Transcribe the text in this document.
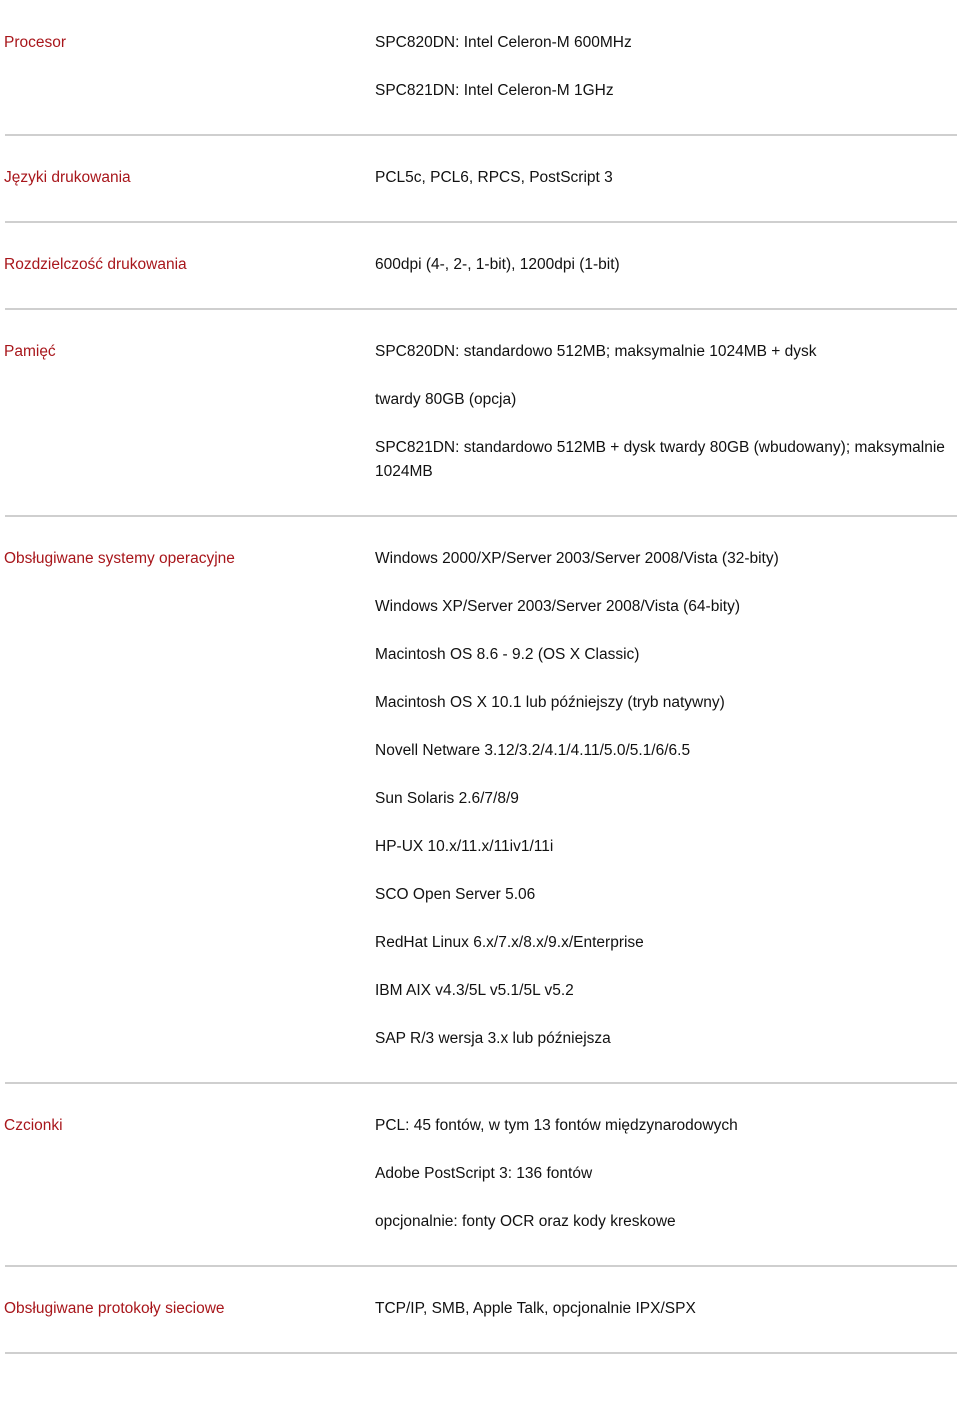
Procesor	SPC820DN: Intel Celeron-M 600MHz
SPC821DN: Intel Celeron-M 1GHz
Języki drukowania	PCL5c, PCL6, RPCS, PostScript 3
Rozdzielczość drukowania	600dpi (4-, 2-, 1-bit), 1200dpi (1-bit)
Pamięć	SPC820DN: standardowo 512MB; maksymalnie 1024MB + dysk
twardy 80GB (opcja)
SPC821DN: standardowo 512MB + dysk twardy 80GB (wbudowany); maksymalnie 1024MB
Obsługiwane systemy operacyjne	Windows 2000/XP/Server 2003/Server 2008/Vista (32-bity)
Windows XP/Server 2003/Server 2008/Vista (64-bity)
Macintosh OS 8.6 - 9.2 (OS X Classic)
Macintosh OS X 10.1 lub późniejszy (tryb natywny)
Novell Netware 3.12/3.2/4.1/4.11/5.0/5.1/6/6.5
Sun Solaris 2.6/7/8/9
HP-UX 10.x/11.x/11iv1/11i
SCO Open Server 5.06
RedHat Linux 6.x/7.x/8.x/9.x/Enterprise
IBM AIX v4.3/5L v5.1/5L v5.2
SAP R/3 wersja 3.x lub późniejsza
Czcionki	PCL: 45 fontów, w tym 13 fontów międzynarodowych
Adobe PostScript 3: 136 fontów
opcjonalnie: fonty OCR oraz kody kreskowe
Obsługiwane protokoły sieciowe	TCP/IP, SMB, Apple Talk, opcjonalnie IPX/SPX
